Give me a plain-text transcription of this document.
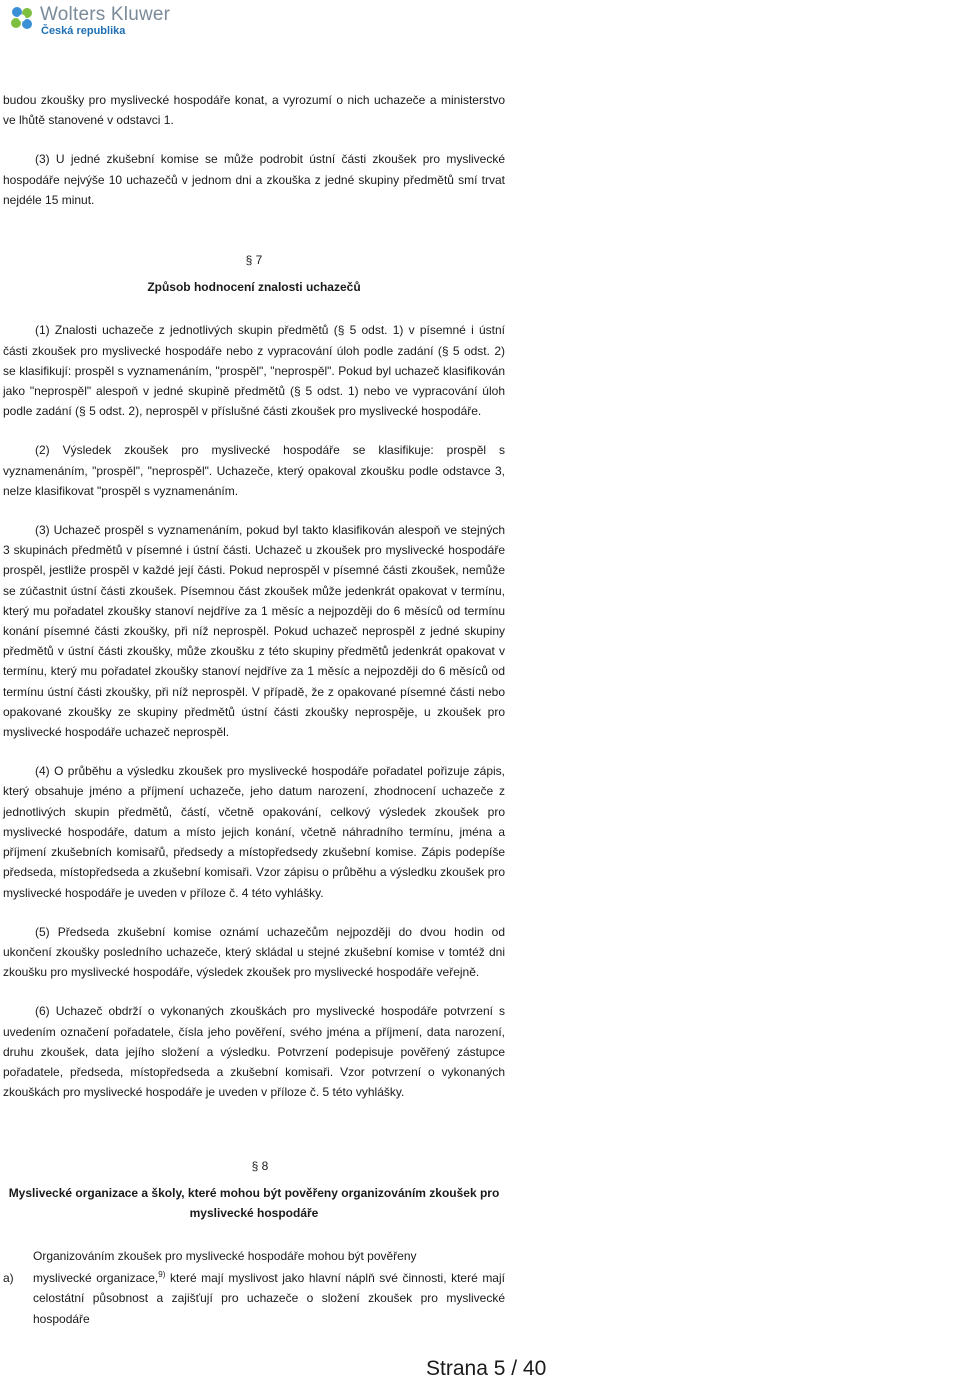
Wolters Kluwer
Česká republika

budou zkoušky pro myslivecké hospodáře konat, a vyrozumí o nich uchazeče a ministerstvo ve lhůtě stanovené v odstavci 1.

(3) U jedné zkušební komise se může podrobit ústní části zkoušek pro myslivecké hospodáře nejvýše 10 uchazečů v jednom dni a zkouška z jedné skupiny předmětů smí trvat nejdéle 15 minut.

§ 7
Způsob hodnocení znalosti uchazečů

(1) Znalosti uchazeče z jednotlivých skupin předmětů (§ 5 odst. 1) v písemné i ústní části zkoušek pro myslivecké hospodáře nebo z vypracování úloh podle zadání (§ 5 odst. 2) se klasifikují: prospěl s vyznamenáním, "prospěl", "neprospěl". Pokud byl uchazeč klasifikován jako "neprospěl" alespoň v jedné skupině předmětů (§ 5 odst. 1) nebo ve vypracování úloh podle zadání (§ 5 odst. 2), neprospěl v příslušné části zkoušek pro myslivecké hospodáře.

(2) Výsledek zkoušek pro myslivecké hospodáře se klasifikuje: prospěl s vyznamenáním, "prospěl", "neprospěl". Uchazeče, který opakoval zkoušku podle odstavce 3, nelze klasifikovat "prospěl s vyznamenáním.

(3) Uchazeč prospěl s vyznamenáním, pokud byl takto klasifikován alespoň ve stejných 3 skupinách předmětů v písemné i ústní části. Uchazeč u zkoušek pro myslivecké hospodáře prospěl, jestliže prospěl v každé její části. Pokud neprospěl v písemné části zkoušek, nemůže se zúčastnit ústní části zkoušek. Písemnou část zkoušek může jedenkrát opakovat v termínu, který mu pořadatel zkoušky stanoví nejdříve za 1 měsíc a nejpozději do 6 měsíců od termínu konání písemné části zkoušky, při níž neprospěl. Pokud uchazeč neprospěl z jedné skupiny předmětů v ústní části zkoušky, může zkoušku z této skupiny předmětů jedenkrát opakovat v termínu, který mu pořadatel zkoušky stanoví nejdříve za 1 měsíc a nejpozději do 6 měsíců od termínu ústní části zkoušky, při níž neprospěl. V případě, že z opakované písemné části nebo opakované zkoušky ze skupiny předmětů ústní části zkoušky neprospěje, u zkoušek pro myslivecké hospodáře uchazeč neprospěl.

(4) O průběhu a výsledku zkoušek pro myslivecké hospodáře pořadatel pořizuje zápis, který obsahuje jméno a příjmení uchazeče, jeho datum narození, zhodnocení uchazeče z jednotlivých skupin předmětů, částí, včetně opakování, celkový výsledek zkoušek pro myslivecké hospodáře, datum a místo jejich konání, včetně náhradního termínu, jména a příjmení zkušebních komisařů, předsedy a místopředsedy zkušební komise. Zápis podepíše předseda, místopředseda a zkušební komisaři. Vzor zápisu o průběhu a výsledku zkoušek pro myslivecké hospodáře je uveden v příloze č. 4 této vyhlášky.

(5) Předseda zkušební komise oznámí uchazečům nejpozději do dvou hodin od ukončení zkoušky posledního uchazeče, který skládal u stejné zkušební komise v tomtéž dni zkoušku pro myslivecké hospodáře, výsledek zkoušek pro myslivecké hospodáře veřejně.

(6) Uchazeč obdrží o vykonaných zkouškách pro myslivecké hospodáře potvrzení s uvedením označení pořadatele, čísla jeho pověření, svého jména a příjmení, data narození, druhu zkoušek, data jejího složení a výsledku. Potvrzení podepisuje pověřený zástupce pořadatele, předseda, místopředseda a zkušební komisaři. Vzor potvrzení o vykonaných zkouškách pro myslivecké hospodáře je uveden v příloze č. 5 této vyhlášky.

§ 8
Myslivecké organizace a školy, které mohou být pověřeny organizováním zkoušek pro
myslivecké hospodáře

Organizováním zkoušek pro myslivecké hospodáře mohou být pověřeny

a)	myslivecké organizace,$^{9)}$ které mají myslivost jako hlavní náplň své činnosti, které mají celostátní působnost a zajišťují pro uchazeče o složení zkoušek pro myslivecké hospodáře
Strana 5 / 40
